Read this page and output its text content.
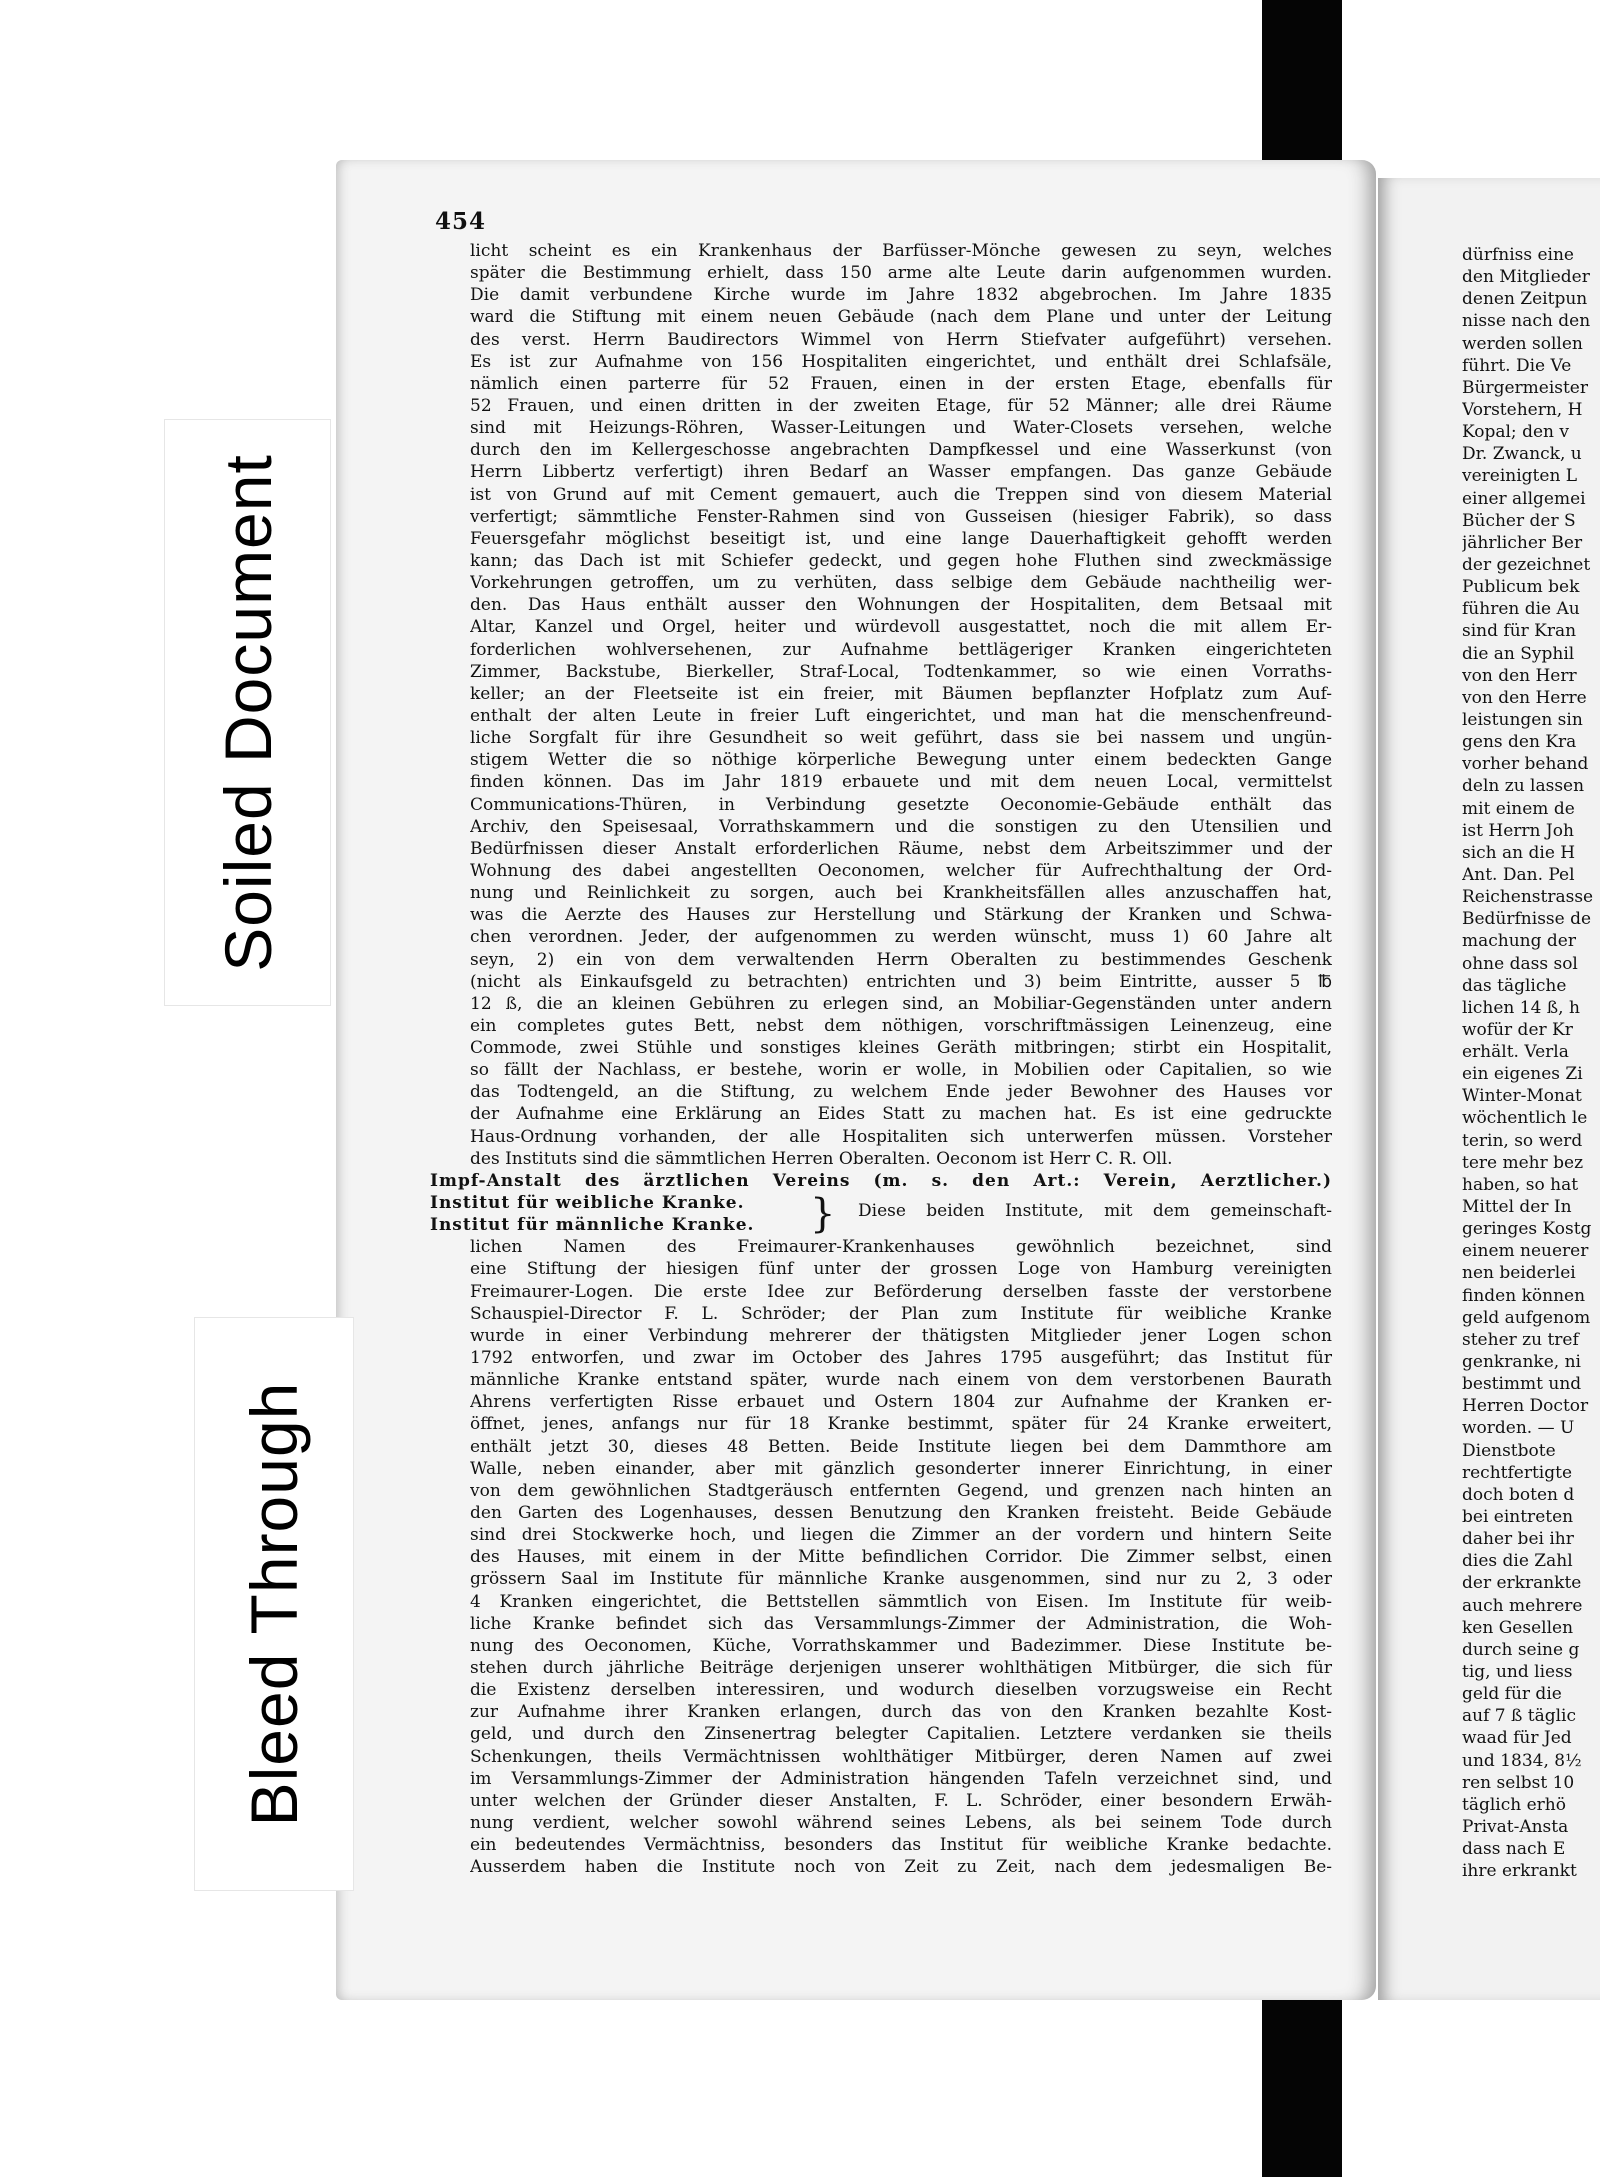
Soiled Document
Bleed Through
454
licht scheint es ein Krankenhaus der Barfüsser-Mönche gewesen zu seyn, welches
später die Bestimmung erhielt, dass 150 arme alte Leute darin aufgenommen wurden.
Die damit verbundene Kirche wurde im Jahre 1832 abgebrochen. Im Jahre 1835
ward die Stiftung mit einem neuen Gebäude (nach dem Plane und unter der Leitung
des verst. Herrn Baudirectors Wimmel von Herrn Stiefvater aufgeführt) versehen.
Es ist zur Aufnahme von 156 Hospitaliten eingerichtet, und enthält drei Schlafsäle,
nämlich einen parterre für 52 Frauen, einen in der ersten Etage, ebenfalls für
52 Frauen, und einen dritten in der zweiten Etage, für 52 Männer; alle drei Räume
sind mit Heizungs-Röhren, Wasser-Leitungen und Water-Closets versehen, welche
durch den im Kellergeschosse angebrachten Dampfkessel und eine Wasserkunst (von
Herrn Libbertz verfertigt) ihren Bedarf an Wasser empfangen. Das ganze Gebäude
ist von Grund auf mit Cement gemauert, auch die Treppen sind von diesem Material
verfertigt; sämmtliche Fenster-Rahmen sind von Gusseisen (hiesiger Fabrik), so dass
Feuersgefahr möglichst beseitigt ist, und eine lange Dauerhaftigkeit gehofft werden
kann; das Dach ist mit Schiefer gedeckt, und gegen hohe Fluthen sind zweckmässige
Vorkehrungen getroffen, um zu verhüten, dass selbige dem Gebäude nachtheilig wer-
den. Das Haus enthält ausser den Wohnungen der Hospitaliten, dem Betsaal mit
Altar, Kanzel und Orgel, heiter und würdevoll ausgestattet, noch die mit allem Er-
forderlichen wohlversehenen, zur Aufnahme bettlägeriger Kranken eingerichteten
Zimmer, Backstube, Bierkeller, Straf-Local, Todtenkammer, so wie einen Vorraths-
keller; an der Fleetseite ist ein freier, mit Bäumen bepflanzter Hofplatz zum Auf-
enthalt der alten Leute in freier Luft eingerichtet, und man hat die menschenfreund-
liche Sorgfalt für ihre Gesundheit so weit geführt, dass sie bei nassem und ungün-
stigem Wetter die so nöthige körperliche Bewegung unter einem bedeckten Gange
finden können. Das im Jahr 1819 erbauete und mit dem neuen Local, vermittelst
Communications-Thüren, in Verbindung gesetzte Oeconomie-Gebäude enthält das
Archiv, den Speisesaal, Vorrathskammern und die sonstigen zu den Utensilien und
Bedürfnissen dieser Anstalt erforderlichen Räume, nebst dem Arbeitszimmer und der
Wohnung des dabei angestellten Oeconomen, welcher für Aufrechthaltung der Ord-
nung und Reinlichkeit zu sorgen, auch bei Krankheitsfällen alles anzuschaffen hat,
was die Aerzte des Hauses zur Herstellung und Stärkung der Kranken und Schwa-
chen verordnen. Jeder, der aufgenommen zu werden wünscht, muss 1) 60 Jahre alt
seyn, 2) ein von dem verwaltenden Herrn Oberalten zu bestimmendes Geschenk
(nicht als Einkaufsgeld zu betrachten) entrichten und 3) beim Eintritte, ausser 5 ℔
12 ß, die an kleinen Gebühren zu erlegen sind, an Mobiliar-Gegenständen unter andern
ein completes gutes Bett, nebst dem nöthigen, vorschriftmässigen Leinenzeug, eine
Commode, zwei Stühle und sonstiges kleines Geräth mitbringen; stirbt ein Hospitalit,
so fällt der Nachlass, er bestehe, worin er wolle, in Mobilien oder Capitalien, so wie
das Todtengeld, an die Stiftung, zu welchem Ende jeder Bewohner des Hauses vor
der Aufnahme eine Erklärung an Eides Statt zu machen hat. Es ist eine gedruckte
Haus-Ordnung vorhanden, der alle Hospitaliten sich unterwerfen müssen. Vorsteher
des Instituts sind die sämmtlichen Herren Oberalten. Oeconom ist Herr C. R. Oll.
Impf-Anstalt des ärztlichen Vereins (m. s. den Art.: Verein, Aerztlicher.)
Institut für weibliche Kranke.
Institut für männliche Kranke.	} Diese beiden Institute, mit dem gemeinschaft-
lichen Namen des Freimaurer-Krankenhauses gewöhnlich bezeichnet, sind
eine Stiftung der hiesigen fünf unter der grossen Loge von Hamburg vereinigten
Freimaurer-Logen. Die erste Idee zur Beförderung derselben fasste der verstorbene
Schauspiel-Director F. L. Schröder; der Plan zum Institute für weibliche Kranke
wurde in einer Verbindung mehrerer der thätigsten Mitglieder jener Logen schon
1792 entworfen, und zwar im October des Jahres 1795 ausgeführt; das Institut für
männliche Kranke entstand später, wurde nach einem von dem verstorbenen Baurath
Ahrens verfertigten Risse erbauet und Ostern 1804 zur Aufnahme der Kranken er-
öffnet, jenes, anfangs nur für 18 Kranke bestimmt, später für 24 Kranke erweitert,
enthält jetzt 30, dieses 48 Betten. Beide Institute liegen bei dem Dammthore am
Walle, neben einander, aber mit gänzlich gesonderter innerer Einrichtung, in einer
von dem gewöhnlichen Stadtgeräusch entfernten Gegend, und grenzen nach hinten an
den Garten des Logenhauses, dessen Benutzung den Kranken freisteht. Beide Gebäude
sind drei Stockwerke hoch, und liegen die Zimmer an der vordern und hintern Seite
des Hauses, mit einem in der Mitte befindlichen Corridor. Die Zimmer selbst, einen
grössern Saal im Institute für männliche Kranke ausgenommen, sind nur zu 2, 3 oder
4 Kranken eingerichtet, die Bettstellen sämmtlich von Eisen. Im Institute für weib-
liche Kranke befindet sich das Versammlungs-Zimmer der Administration, die Woh-
nung des Oeconomen, Küche, Vorrathskammer und Badezimmer. Diese Institute be-
stehen durch jährliche Beiträge derjenigen unserer wohlthätigen Mitbürger, die sich für
die Existenz derselben interessiren, und wodurch dieselben vorzugsweise ein Recht
zur Aufnahme ihrer Kranken erlangen, durch das von den Kranken bezahlte Kost-
geld, und durch den Zinsenertrag belegter Capitalien. Letztere verdanken sie theils
Schenkungen, theils Vermächtnissen wohlthätiger Mitbürger, deren Namen auf zwei
im Versammlungs-Zimmer der Administration hängenden Tafeln verzeichnet sind, und
unter welchen der Gründer dieser Anstalten, F. L. Schröder, einer besondern Erwäh-
nung verdient, welcher sowohl während seines Lebens, als bei seinem Tode durch
ein bedeutendes Vermächtniss, besonders das Institut für weibliche Kranke bedachte.
Ausserdem haben die Institute noch von Zeit zu Zeit, nach dem jedesmaligen Be-
dürfniss eine
den Mitglieder
denen Zeitpun
nisse nach den
werden sollen
führt. Die Ve
Bürgermeister
Vorstehern, H
Kopal; den v
Dr. Zwanck, u
vereinigten L
einer allgemei
Bücher der S
jährlicher Ber
der gezeichnet
Publicum bek
führen die Au
sind für Kran
die an Syphil
von den Herr
von den Herre
leistungen sin
gens den Kra
vorher behand
deln zu lassen
mit einem de
ist Herrn Joh
sich an die H
Ant. Dan. Pel
Reichenstrasse
Bedürfnisse de
machung der
ohne dass sol
das tägliche
lichen 14 ß, h
wofür der Kr
erhält. Verla
ein eigenes Zi
Winter-Monat
wöchentlich le
terin, so werd
tere mehr bez
haben, so hat
Mittel der In
geringes Kostg
einem neuerer
nen beiderlei
finden können
geld aufgenom
steher zu tref
genkranke, ni
bestimmt und
Herren Doctor
worden. — U
Dienstbote
rechtfertigte
doch boten d
bei eintreten
daher bei ihr
dies die Zahl
der erkrankte
auch mehrere
ken Gesellen
durch seine g
tig, und liess
geld für die
auf 7 ß täglic
waad für Jed
und 1834, 8½
ren selbst 10
täglich erhö
Privat-Ansta
dass nach E
ihre erkrankt
